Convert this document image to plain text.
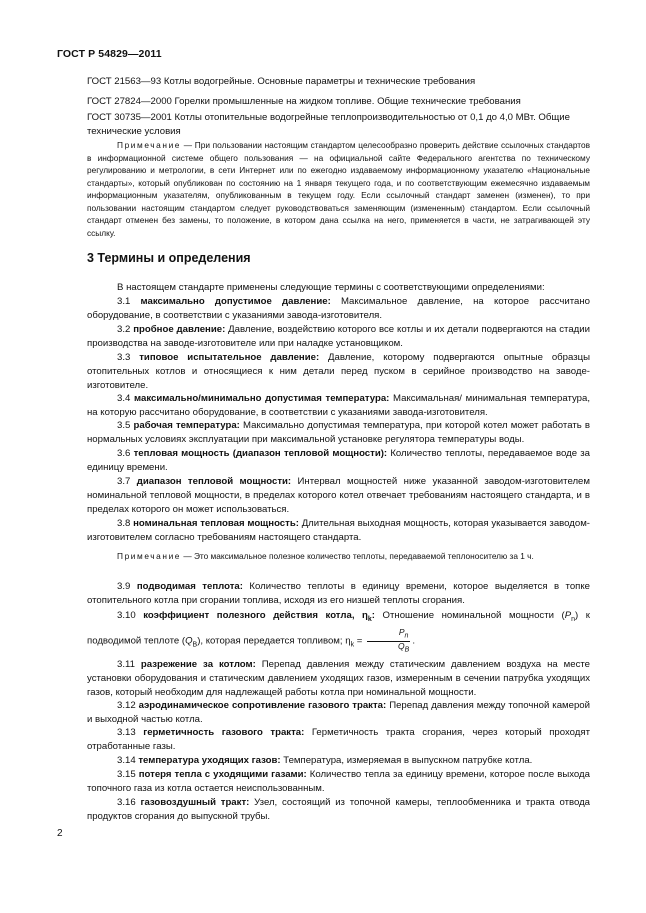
ГОСТ Р 54829—2011
ГОСТ 21563—93 Котлы водогрейные. Основные параметры и технические требования
ГОСТ 27824—2000 Горелки промышленные на жидком топливе. Общие технические требования
ГОСТ 30735—2001 Котлы отопительные водогрейные теплопроизводительностью от 0,1 до 4,0 МВт. Общие технические условия
Примечание — При пользовании настоящим стандартом целесообразно проверить действие ссылочных стандартов в информационной системе общего пользования — на официальной сайте Федерального агентства по техническому регулированию и метрологии, в сети Интернет или по ежегодно издаваемому информационному указателю «Национальные стандарты», который опубликован по состоянию на 1 января текущего года, и по соответствующим ежемесячно издаваемым информационным указателям, опубликованным в текущем году. Если ссылочный стандарт заменен (изменен), то при пользовании настоящим стандартом следует руководствоваться заменяющим (измененным) стандартом. Если ссылочный стандарт отменен без замены, то положение, в котором дана ссылка на него, применяется в части, не затрагивающей эту ссылку.
3 Термины и определения
В настоящем стандарте применены следующие термины с соответствующими определениями:
3.1 максимально допустимое давление: Максимальное давление, на которое рассчитано оборудование, в соответствии с указаниями завода-изготовителя.
3.2 пробное давление: Давление, воздействию которого все котлы и их детали подвергаются на стадии производства на заводе-изготовителе или при наладке установщиком.
3.3 типовое испытательное давление: Давление, которому подвергаются опытные образцы отопительных котлов и относящиеся к ним детали перед пуском в серийное производство на заводе-изготовителе.
3.4 максимально/минимально допустимая температура: Максимальная/ минимальная температура, на которую рассчитано оборудование, в соответствии с указаниями завода-изготовителя.
3.5 рабочая температура: Максимально допустимая температура, при которой котел может работать в нормальных условиях эксплуатации при максимальной установке регулятора температуры воды.
3.6 тепловая мощность (диапазон тепловой мощности): Количество теплоты, передаваемое воде за единицу времени.
3.7 диапазон тепловой мощности: Интервал мощностей ниже указанной заводом-изготовителем номинальной тепловой мощности, в пределах которого котел отвечает требованиям настоящего стандарта, и в пределах которого он может использоваться.
3.8 номинальная тепловая мощность: Длительная выходная мощность, которая указывается заводом-изготовителем согласно требованиям настоящего стандарта.
Примечание — Это максимальное полезное количество теплоты, передаваемой теплоносителю за 1 ч.
3.9 подводимая теплота: Количество теплоты в единицу времени, которое выделяется в топке отопительного котла при сгорании топлива, исходя из его низшей теплоты сгорания.
3.10 коэффициент полезного действия котла, $\eta_k$: Отношение номинальной мощности $(P_n)$ к подводимой теплоте $(Q_B)$, которая передается топливом; $\eta_k = \frac{P_n}{Q_B}$ .
3.11 разрежение за котлом: Перепад давления между статическим давлением воздуха на месте установки оборудования и статическим давлением уходящих газов, измеренным в сечении патрубка уходящих газов, который необходим для надлежащей работы котла при номинальной мощности.
3.12 аэродинамическое сопротивление газового тракта: Перепад давления между топочной камерой и выходной частью котла.
3.13 герметичность газового тракта: Герметичность тракта сгорания, через который проходят отработанные газы.
3.14 температура уходящих газов: Температура, измеряемая в выпускном патрубке котла.
3.15 потеря тепла с уходящими газами: Количество тепла за единицу времени, которое после выхода топочного газа из котла остается неиспользованным.
3.16 газовоздушный тракт: Узел, состоящий из топочной камеры, теплообменника и тракта отвода продуктов сгорания до выпускной трубы.
2
